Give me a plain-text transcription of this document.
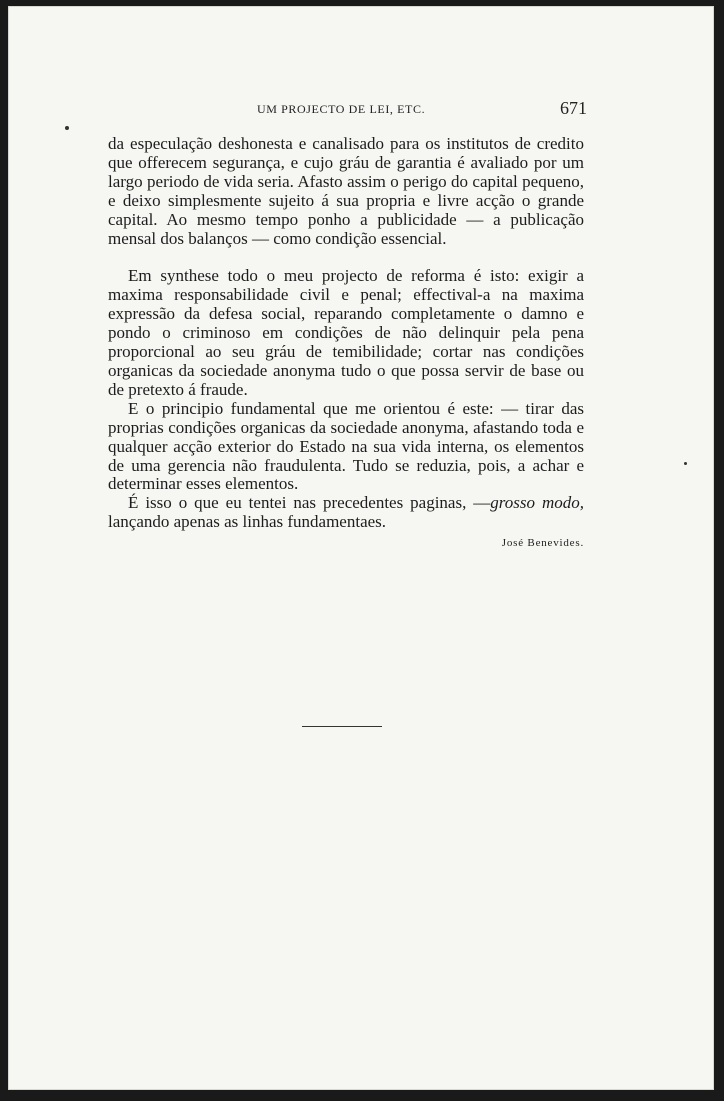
UM PROJECTO DE LEI, ETC.	671

da especulação deshonesta e canalisado para os institutos de credito que offerecem segurança, e cujo gráu de garantia é avaliado por um largo periodo de vida seria. Afasto assim o perigo do capital pequeno, e deixo simplesmente sujeito á sua propria e livre acção o grande capital. Ao mesmo tempo ponho a publicidade — a publicação mensal dos balanços — como condição essencial.

Em synthese todo o meu projecto de reforma é isto: exigir a maxima responsabilidade civil e penal; effectival-a na maxima expressão da defesa social, reparando completamente o damno e pondo o criminoso em condições de não delinquir pela pena proporcional ao seu gráu de temibilidade; cortar nas condições organicas da sociedade anonyma tudo o que possa servir de base ou de pretexto á fraude.

E o principio fundamental que me orientou é este: — tirar das proprias condições organicas da sociedade anonyma, afastando toda e qualquer acção exterior do Estado na sua vida interna, os elementos de uma gerencia não fraudulenta. Tudo se reduzia, pois, a achar e determinar esses elementos.

É isso o que eu tentei nas precedentes paginas, —grosso modo, lançando apenas as linhas fundamentaes.

José Benevides.
